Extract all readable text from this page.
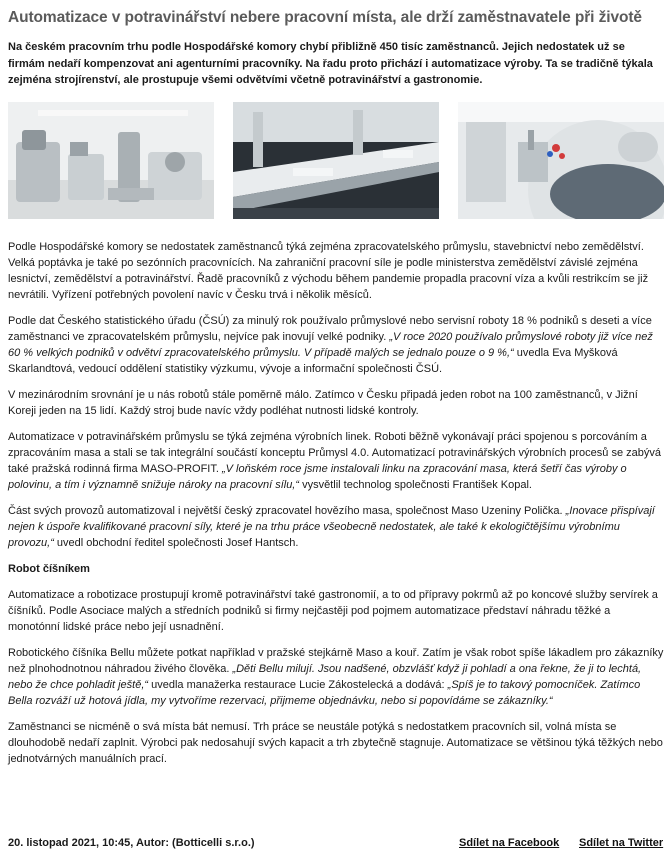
Automatizace v potravinářství nebere pracovní místa, ale drží zaměstnavatele při životě

Na českém pracovním trhu podle Hospodářské komory chybí přibližně 450 tisíc zaměstnanců. Jejich nedostatek už se firmám nedaří kompenzovat ani agenturními pracovníky. Na řadu proto přichází i automatizace výroby. Ta se tradičně týkala zejména strojírenství, ale prostupuje všemi odvětvími včetně potravinářství a gastronomie.

Podle Hospodářské komory se nedostatek zaměstnanců týká zejména zpracovatelského průmyslu, stavebnictví nebo zemědělství. Velká poptávka je také po sezónních pracovnících. Na zahraniční pracovní síle je podle ministerstva zemědělství závislé zejména lesnictví, zemědělství a potravinářství. Řadě pracovníků z východu během pandemie propadla pracovní víza a kvůli restrikcím se již nevrátili. Vyřízení potřebných povolení navíc v Česku trvá i několik měsíců.

Podle dat Českého statistického úřadu (ČSÚ) za minulý rok používalo průmyslové nebo servisní roboty 18 % podniků s deseti a více zaměstnanci ve zpracovatelském průmyslu, nejvíce pak inovují velké podniky. „V roce 2020 používalo průmyslové roboty již více než 60 % velkých podniků v odvětví zpracovatelského průmyslu. V případě malých se jednalo pouze o 9 %,“ uvedla Eva Myšková Skarlandtová, vedoucí oddělení statistiky výzkumu, vývoje a informační společnosti ČSÚ.

V mezinárodním srovnání je u nás robotů stále poměrně málo. Zatímco v Česku připadá jeden robot na 100 zaměstnanců, v Jižní Koreji jeden na 15 lidí. Každý stroj bude navíc vždy podléhat nutnosti lidské kontroly.

Automatizace v potravinářském průmyslu se týká zejména výrobních linek. Roboti běžně vykonávají práci spojenou s porcováním a zpracováním masa a stali se tak integrální součástí konceptu Průmysl 4.0. Automatizací potravinářských výrobních procesů se zabývá také pražská rodinná firma MASO-PROFIT. „V loňském roce jsme instalovali linku na zpracování masa, která šetří čas výroby o polovinu, a tím i významně snižuje nároky na pracovní sílu,“ vysvětlil technolog společnosti František Kopal.

Část svých provozů automatizoval i největší český zpracovatel hovězího masa, společnost Maso Uzeniny Polička. „Inovace přispívají nejen k úspoře kvalifikované pracovní síly, které je na trhu práce všeobecně nedostatek, ale také k ekologičtějšímu výrobnímu provozu,“ uvedl obchodní ředitel společnosti Josef Hantsch.

Robot číšníkem

Automatizace a robotizace prostupují kromě potravinářství také gastronomií, a to od přípravy pokrmů až po koncové služby servírek a číšníků. Podle Asociace malých a středních podniků si firmy nejčastěji pod pojmem automatizace představí náhradu těžké a monotónní lidské práce nebo její usnadnění.

Robotického číšníka Bellu můžete potkat například v pražské stejkárně Maso a kouř. Zatím je však robot spíše lákadlem pro zákazníky než plnohodnotnou náhradou živého člověka. „Děti Bellu milují. Jsou nadšené, obzvlášť když ji pohladí a ona řekne, že ji to lechtá, nebo že chce pohladit ještě,“ uvedla manažerka restaurace Lucie Zákostelecká a dodává: „Spíš je to takový pomocníček. Zatímco Bella rozváží už hotová jídla, my vytvoříme rezervaci, přijmeme objednávku, nebo si popovídáme se zákazníky.“

Zaměstnanci se nicméně o svá místa bát nemusí. Trh práce se neustále potýká s nedostatkem pracovních sil, volná místa se dlouhodobě nedaří zaplnit. Výrobci pak nedosahují svých kapacit a trh zbytečně stagnuje. Automatizace se většinou týká těžkých nebo jednotvárných manuálních prací.

20. listopad 2021, 10:45, Autor: (Botticelli s.r.o.)	Sdílet na Facebook Sdílet na Twitter
